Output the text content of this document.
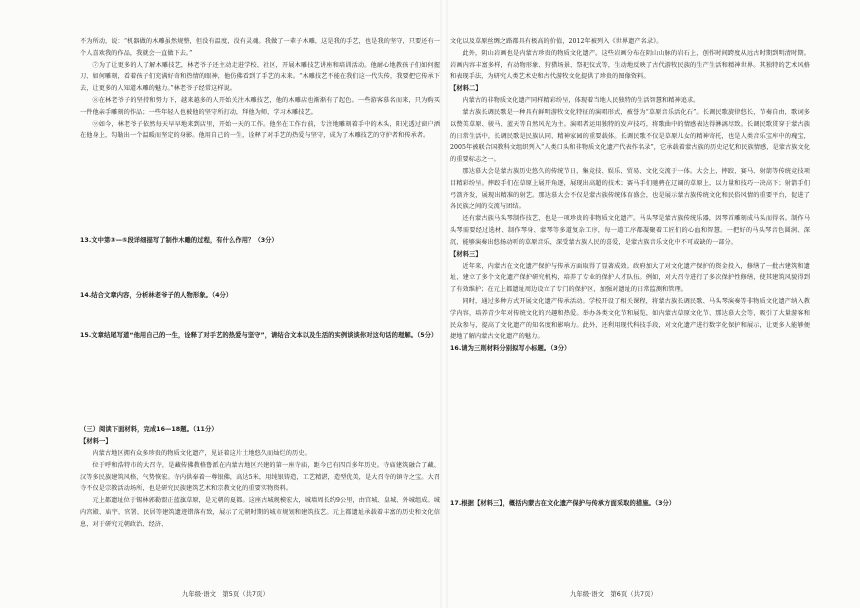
不为所动，说：“机器做的木雕虽然规整，但没有温度，没有灵魂。我做了一辈子木雕，这是我的手艺，也是我的坚守，只要还有一个人喜欢我的作品，我就会一直做下去。”

⑦为了让更多的人了解木雕技艺，林老爷子还主动走进学校、社区，开展木雕技艺讲座和培训活动。他耐心地教孩子们如何握刀、如何雕刻，看着孩子们充满好奇和热情的眼神，他仿佛看到了手艺的未来。“木雕技艺不能在我们这一代失传，我要把它传承下去，让更多的人知道木雕的魅力。”林老爷子经常这样说。

⑧在林老爷子的坚持和努力下，越来越多的人开始关注木雕技艺，他的木雕店也渐渐有了起色。一些游客慕名而来，只为购买一件他亲手雕刻的作品；一些年轻人也被他的坚守所打动，拜他为师，学习木雕技艺。

⑨如今，林老爷子依然每天早早地来到店里，开始一天的工作。他坐在工作台前，专注地雕刻着手中的木头，阳光透过窗户洒在他身上，勾勒出一个温暖而坚定的身影。他用自己的一生，诠释了对手艺的热爱与坚守，成为了木雕技艺的守护者和传承者。

13.文中第③—⑤段详细描写了制作木雕的过程，有什么作用？（3分）

14.结合文章内容，分析林老爷子的人物形象。（4分）

15.文章结尾写道“他用自己的一生，诠释了对手艺的热爱与坚守”，请结合文本以及生活的实例谈谈你对这句话的理解。（5分）

（三）阅读下面材料，完成16—18题。（11分）

【材料一】

内蒙古地区拥有众多珍贵的物质文化遗产，见证着这片土地悠久而灿烂的历史。

位于呼和浩特市的大召寺，是藏传佛教格鲁派在内蒙古地区兴建的第一座寺庙，距今已有四百多年历史。寺庙建筑融合了藏、汉等多民族建筑风格，气势恢宏。寺内供奉着一尊银佛，高达5米，用纯银铸造，工艺精湛，造型优美，是大召寺的镇寺之宝。大召寺不仅是宗教活动场所，也是研究民族建筑艺术和宗教文化的重要实物资料。

元上都遗址位于锡林郭勒盟正蓝旗草原，是元朝的夏都。这座古城规模宏大，城墙周长约9公里，由宫城、皇城、外城组成。城内宫殿、庙宇、官署、民居等建筑遗迹错落有致，展示了元朝时期的城市规划和建筑技艺。元上都遗址承载着丰富的历史和文化信息，对于研究元朝政治、经济、

九年级·语文　第5页（共7页）

文化以及草原丝绸之路都具有极高的价值，2012年被列入《世界遗产名录》。

此外，阴山岩画也是内蒙古珍贵的物质文化遗产。这些岩画分布在阴山山脉的岩石上，创作时间跨度从远古时期到明清时期。岩画内容丰富多样，有动物形象、狩猎场景、祭祀仪式等，生动地反映了古代游牧民族的生产生活和精神世界。其独特的艺术风格和表现手法，为研究人类艺术史和古代游牧文化提供了珍贵的图像资料。

【材料二】

内蒙古的非物质文化遗产同样精彩纷呈，体现着当地人民独特的生活智慧和精神追求。

蒙古族长调民歌是一种具有鲜明游牧文化特征的演唱形式，被誉为“草原音乐活化石”。长调民歌旋律悠长，节奏自由，歌词多以赞美草原、骏马、蓝天等自然风光为主。演唱者运用独特的发声技巧，将歌曲中的情感表达得淋漓尽致。长调民歌贯穿于蒙古族的日常生活中，长调民歌是民族认同、精神家园的重要载体。长调民歌不仅是草原儿女的精神寄托，也是人类音乐宝库中的瑰宝，2005年被联合国教科文组织列入“人类口头和非物质文化遗产代表作名录”，它承载着蒙古族的历史记忆和民族情感，是蒙古族文化的重要标志之一。

那达慕大会是蒙古族历史悠久的传统节日，集竞技、娱乐、贸易、文化交流于一体。大会上，摔跤、赛马、射箭等传统竞技项目精彩纷呈。摔跤手们在草原上展开角逐，展现出高超的技术；赛马手们驰骋在辽阔的草原上，以力量和技巧一决高下；射箭手们弓箭齐发，展现出精准的射艺。那达慕大会不仅是蒙古族传统体育盛会，也是展示蒙古族传统文化和民俗风情的重要平台，促进了各民族之间的交流与团结。

还有蒙古族马头琴制作技艺，也是一项珍贵的非物质文化遗产。马头琴是蒙古族传统乐器，因琴首雕刻成马头而得名。制作马头琴需要经过选材、制作琴身、蒙琴等多道复杂工序，每一道工序都凝聚着工匠们的心血和智慧。一把好的马头琴音色圆润、深沉，能够演奏出悠扬动听的草原音乐，深受蒙古族人民的喜爱，是蒙古族音乐文化中不可或缺的一部分。

【材料三】

近年来，内蒙古在文化遗产保护与传承方面取得了显著成效。政府加大了对文化遗产保护的资金投入，修缮了一批古建筑和遗址，建立了多个文化遗产保护研究机构，培养了专业的保护人才队伍。例如，对大召寺进行了多次保护性修缮，使其建筑风貌得到了有效维护；在元上都遗址周边设立了专门的保护区，加强对遗址的日常监测和管理。

同时，通过多种方式开展文化遗产传承活动。学校开设了相关课程，将蒙古族长调民歌、马头琴演奏等非物质文化遗产纳入教学内容，培养青少年对传统文化的兴趣和热爱。举办各类文化节和展览，如内蒙古草原文化节、那达慕大会等，吸引了大量游客和民众参与，提高了文化遗产的知名度和影响力。此外，还利用现代科技手段，对文化遗产进行数字化保护和展示，让更多人能够便捷地了解内蒙古文化遗产的魅力。

16.请为三则材料分别拟写小标题。（3分）

17.根据【材料三】，概括内蒙古在文化遗产保护与传承方面采取的措施。（3分）

九年级·语文　第6页（共7页）
